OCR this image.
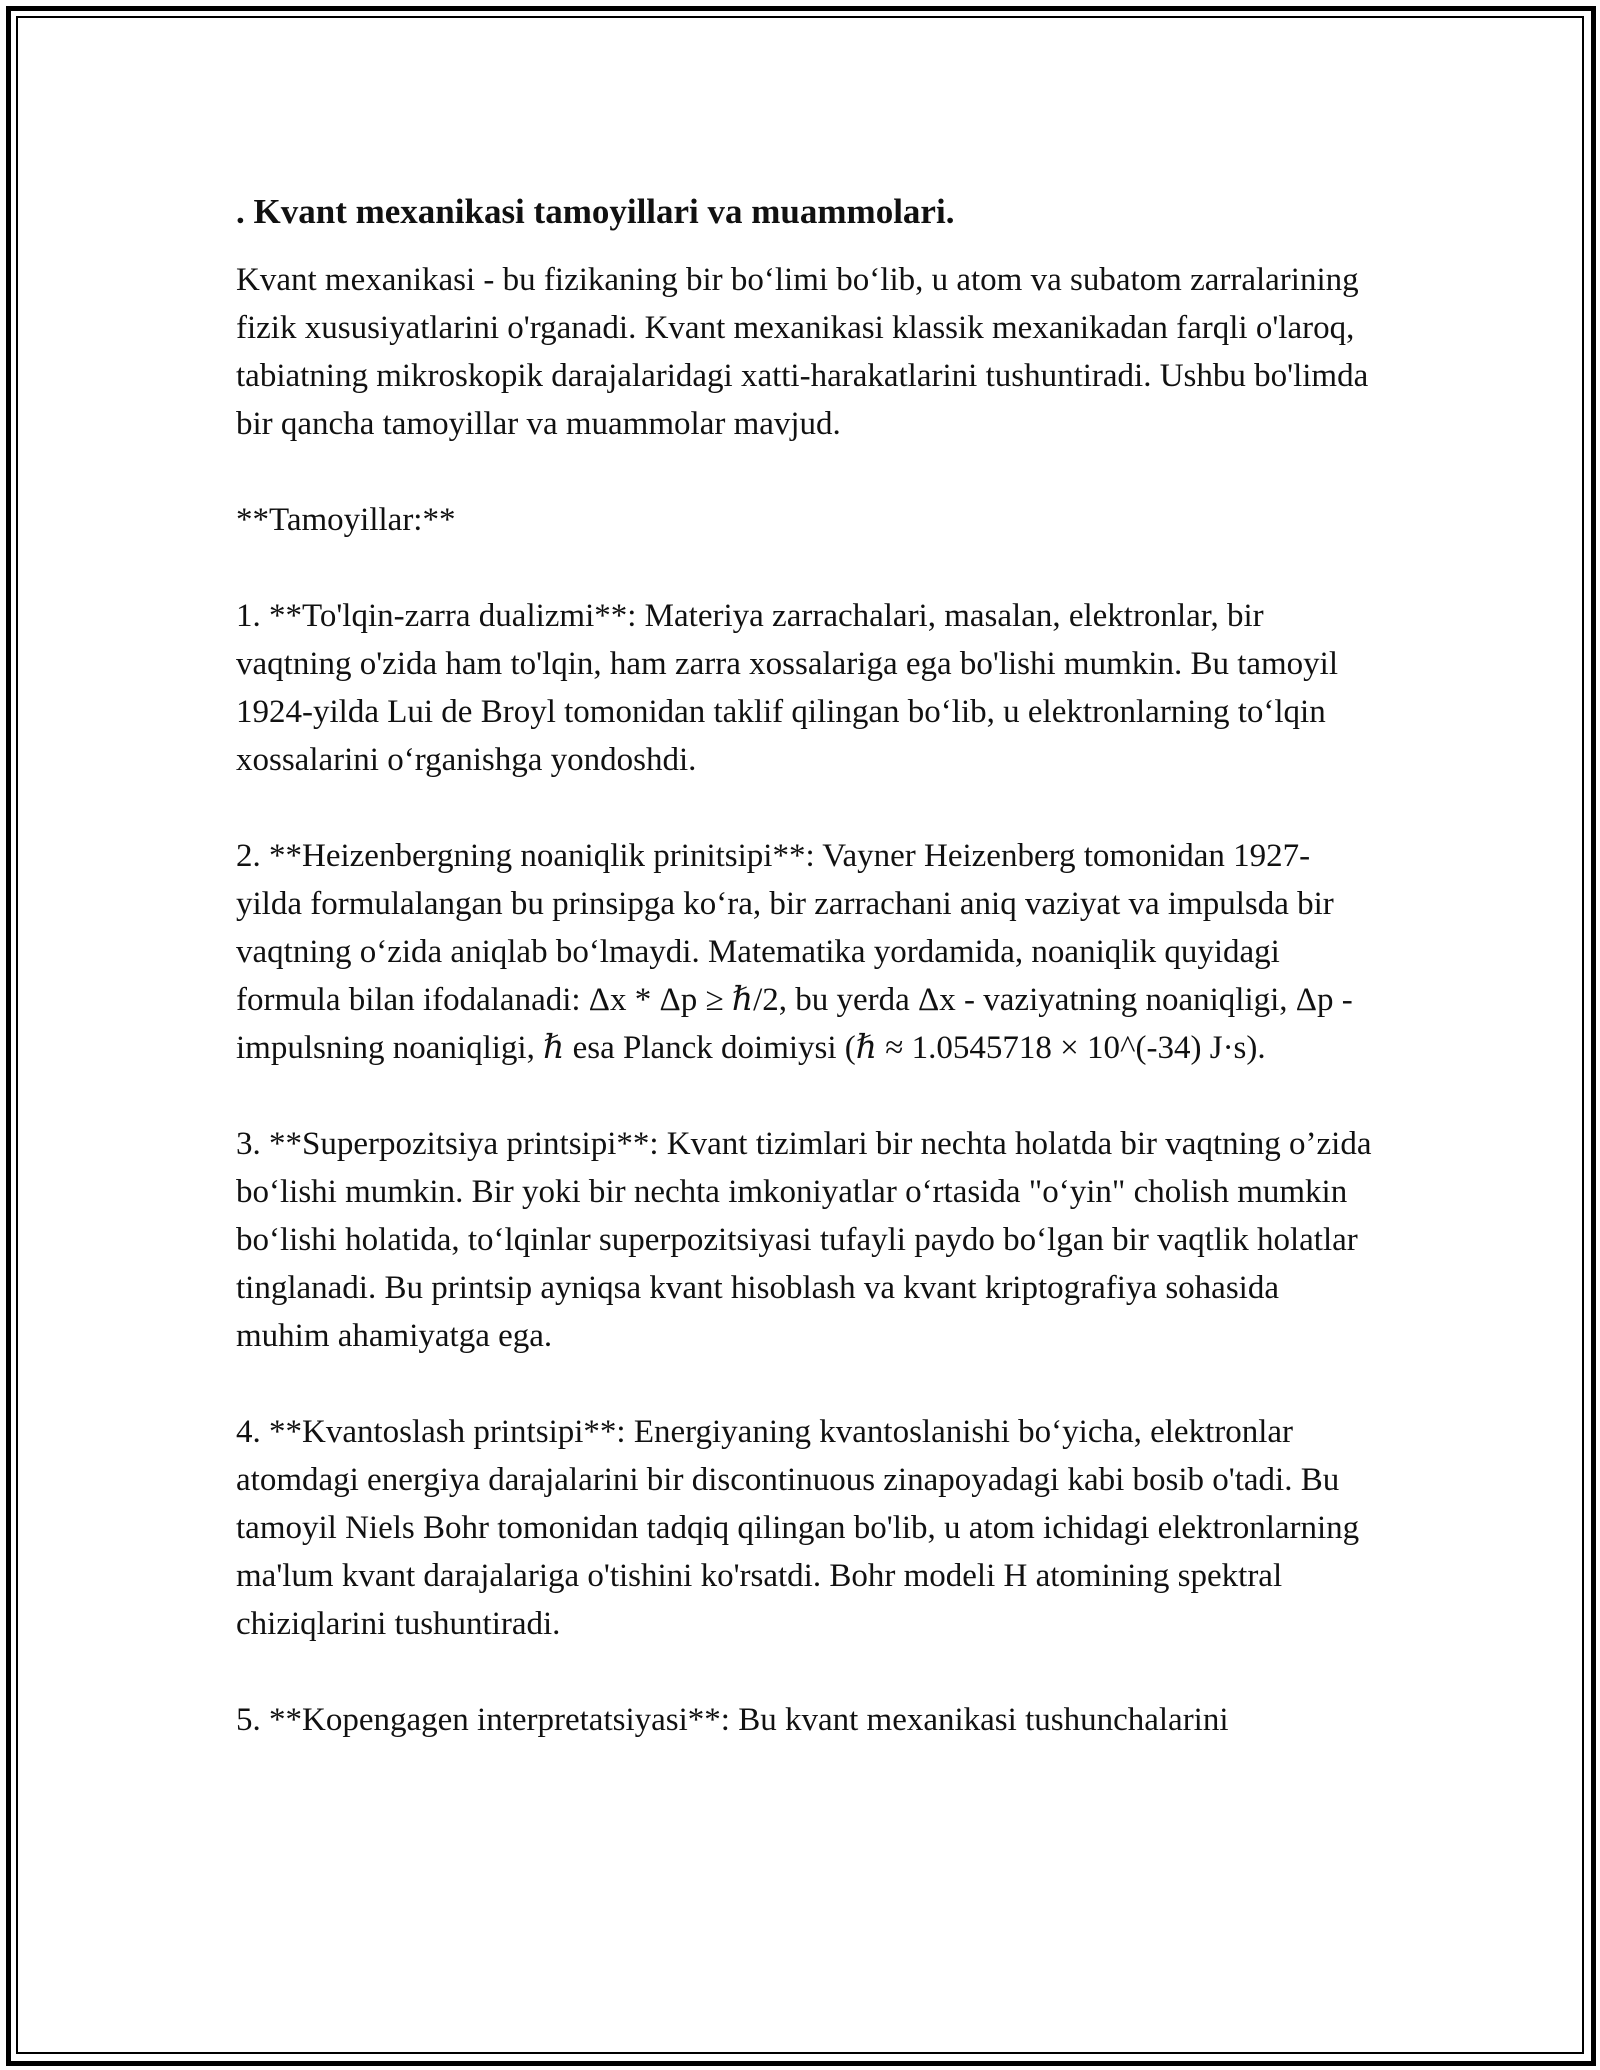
. Kvant mexanikasi tamoyillari va muammolari.

Kvant mexanikasi - bu fizikaning bir bo‘limi bo‘lib, u atom va subatom zarralarining fizik xususiyatlarini o'rganadi. Kvant mexanikasi klassik mexanikadan farqli o'laroq, tabiatning mikroskopik darajalaridagi xatti-harakatlarini tushuntiradi. Ushbu bo'limda bir qancha tamoyillar va muammolar mavjud.

**Tamoyillar:**

1. **To'lqin-zarra dualizmi**: Materiya zarrachalari, masalan, elektronlar, bir vaqtning o'zida ham to'lqin, ham zarra xossalariga ega bo'lishi mumkin. Bu tamoyil 1924-yilda Lui de Broyl tomonidan taklif qilingan bo‘lib, u elektronlarning to‘lqin xossalarini o‘rganishga yondoshdi.

2. **Heizenbergning noaniqlik prinitsipi**: Vayner Heizenberg tomonidan 1927-yilda formulalangan bu prinsipga ko‘ra, bir zarrachani aniq vaziyat va impulsda bir vaqtning o‘zida aniqlab bo‘lmaydi. Matematika yordamida, noaniqlik quyidagi formula bilan ifodalanadi: Δx * Δp ≥ ℏ/2, bu yerda Δx - vaziyatning noaniqligi, Δp - impulsning noaniqligi, ℏ esa Planck doimiysi (ℏ ≈ 1.0545718 × 10^(-34) J·s).

3. **Superpozitsiya printsipi**: Kvant tizimlari bir nechta holatda bir vaqtning o’zida bo‘lishi mumkin. Bir yoki bir nechta imkoniyatlar o‘rtasida "o‘yin" cholish mumkin bo‘lishi holatida, to‘lqinlar superpozitsiyasi tufayli paydo bo‘lgan bir vaqtlik holatlar tinglanadi. Bu printsip ayniqsa kvant hisoblash va kvant kriptografiya sohasida muhim ahamiyatga ega.

4. **Kvantoslash printsipi**: Energiyaning kvantoslanishi bo‘yicha, elektronlar atomdagi energiya darajalarini bir discontinuous zinapoyadagi kabi bosib o'tadi. Bu tamoyil Niels Bohr tomonidan tadqiq qilingan bo'lib, u atom ichidagi elektronlarning ma'lum kvant darajalariga o'tishini ko'rsatdi. Bohr modeli H atomining spektral chiziqlarini tushuntiradi.

5. **Kopengagen interpretatsiyasi**: Bu kvant mexanikasi tushunchalarini
